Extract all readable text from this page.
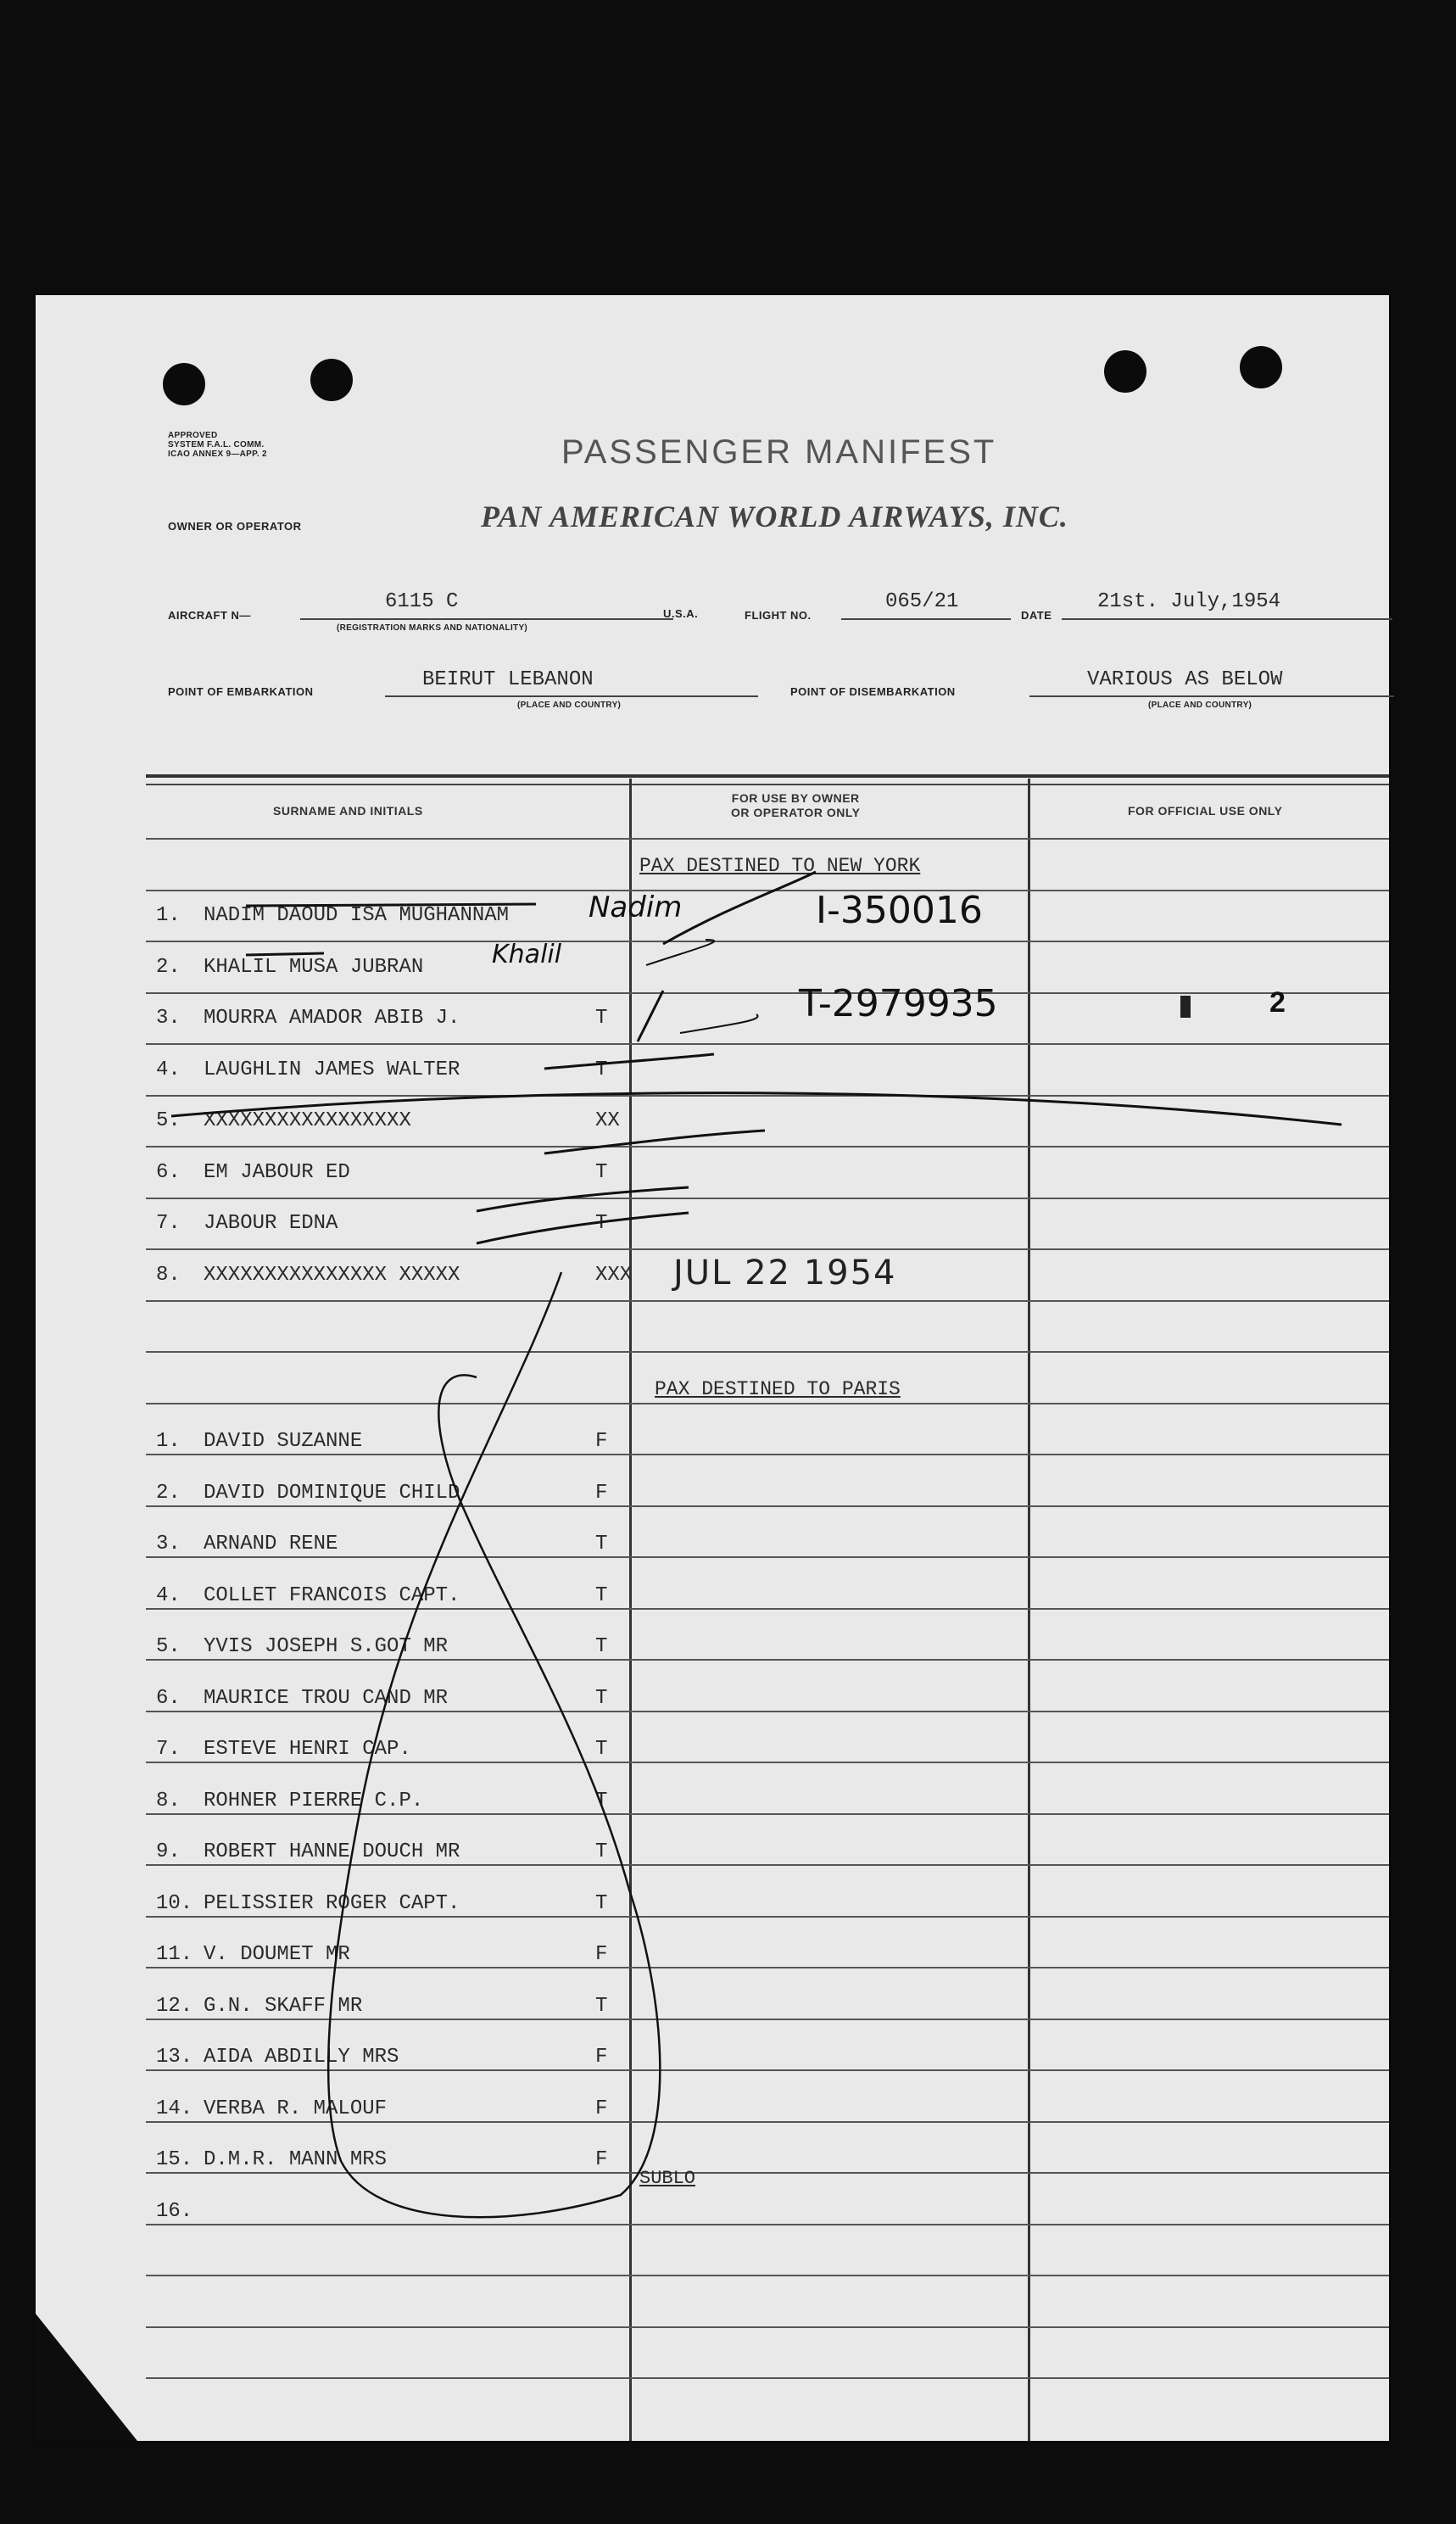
APPROVED
SYSTEM F.A.L. COMM.
ICAO ANNEX 9—APP. 2	PASSENGER MANIFEST
OWNER OR OPERATOR	PAN AMERICAN WORLD AIRWAYS, INC.
AIRCRAFT N—
6115 C
(REGISTRATION MARKS AND NATIONALITY)
U.S.A.	FLIGHT NO.
065/21
DATE
21st. July,1954
POINT OF EMBARKATION
BEIRUT LEBANON
(PLACE AND COUNTRY)
POINT OF DISEMBARKATION
VARIOUS AS BELOW
(PLACE AND COUNTRY)
SURNAME AND INITIALS
FOR USE BY OWNER
OR OPERATOR ONLY	FOR OFFICIAL USE ONLY
PAX DESTINED TO NEW YORK
PAX DESTINED TO PARIS
1. NADIM DAOUD ISA MUGHANNAM
2. KHALIL MUSA JUBRAN
3. MOURRA AMADOR ABIB J.	T
4. LAUGHLIN JAMES WALTER	T
5. XXXXXXXXXXXXXXXXX	XX
6. EM JABOUR ED	T
7. JABOUR EDNA	T
8. XXXXXXXXXXXXXXX XXXXX	XXX
1. DAVID SUZANNE	F
2. DAVID DOMINIQUE CHILD	F
3. ARNAND RENE	T
4. COLLET FRANCOIS CAPT.	T
5. YVIS JOSEPH S.GOT MR	T
6. MAURICE TROU CAND MR	T
7. ESTEVE HENRI CAP.	T
8. ROHNER PIERRE C.P.	T
9. ROBERT HANNE DOUCH MR	T
10. PELISSIER ROGER CAPT.	T
11. V. DOUMET MR	F
12. G.N. SKAFF MR	T
13. AIDA ABDILLY MRS	F
14. VERBA R. MALOUF	F
15. D.M.R. MANN MRS	F
16.
Nadim
Khalil
I-350016
T-2979935	2
JUL 22 1954
SUBLO
